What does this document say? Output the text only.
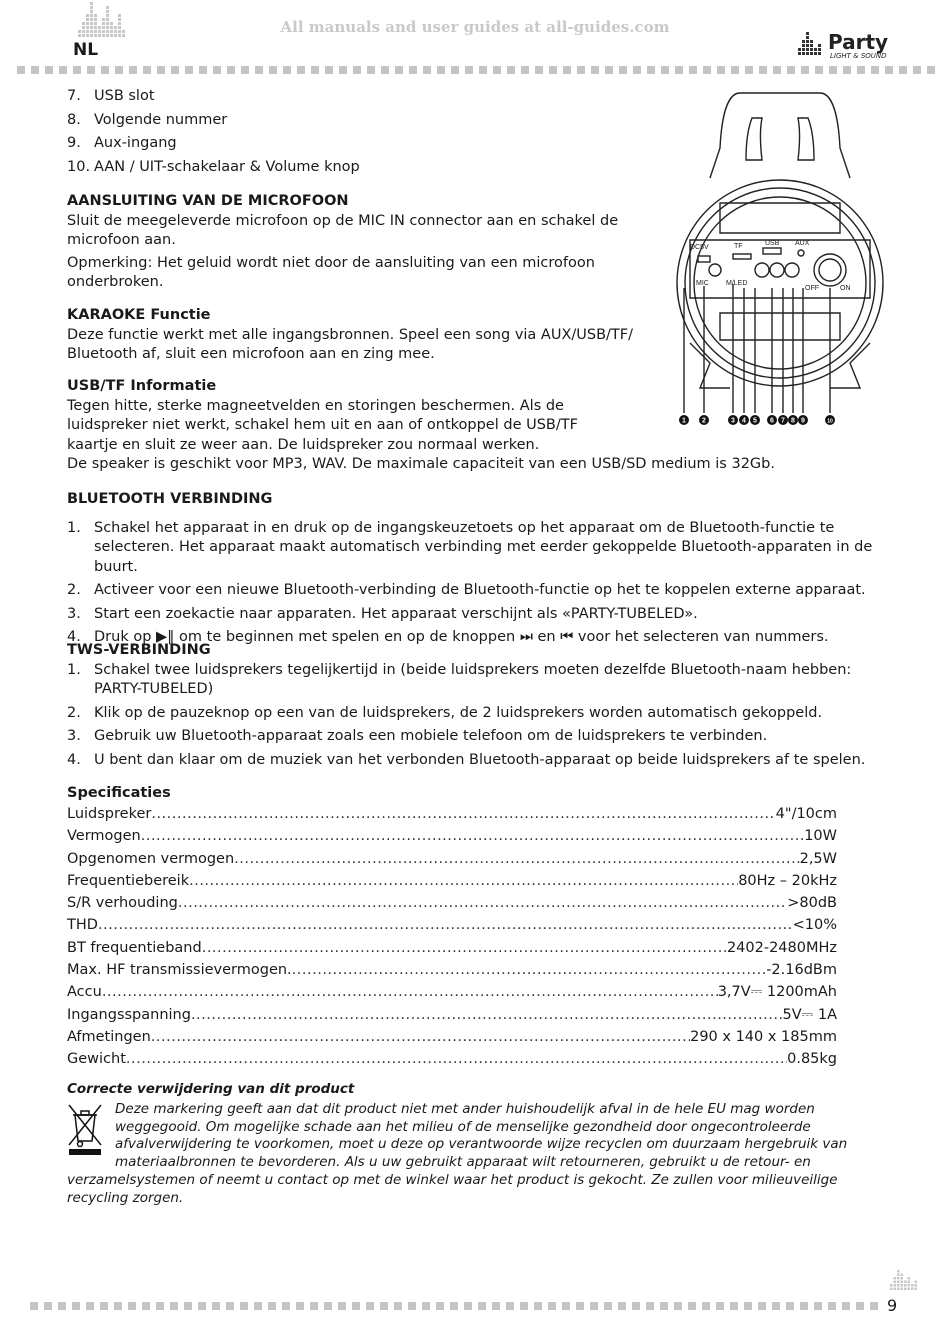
All manuals and user guides at all-guides.com
NL	Party
LIGHT & SOUND
7. USB slot
8. Volgende nummer
9. Aux-ingang
10. AAN / UIT-schakelaar & Volume knop

AANSLUITING VAN DE MICROFOON

Sluit de meegeleverde microfoon op de MIC IN connector aan en schakel de microfoon aan.

Opmerking: Het geluid wordt niet door de aansluiting van een microfoon onderbroken.

KARAOKE Functie

Deze functie werkt met alle ingangsbronnen. Speel een song via AUX/USB/TF/ Bluetooth af, sluit een microfoon aan en zing mee.

USB/TF Informatie

Tegen hitte, sterke magneetvelden en storingen beschermen. Als de luidspreker niet werkt, schakel hem uit en aan of ontkoppel de USB/TF kaartje en sluit ze weer aan. De luidspreker zou normaal werken.

De speaker is geschikt voor MP3, WAV. De maximale capaciteit van een USB/SD medium is 32Gb.
DC5V	TF	USB AUX
MIC M/LED
OFF	ON
1 2	3 4 5 6 7 8 9	10

BLUETOOTH VERBINDING

1. Schakel het apparaat in en druk op de ingangskeuzetoets op het apparaat om de Bluetooth-functie te selecteren. Het apparaat maakt automatisch verbinding met eerder gekoppelde Bluetooth-apparaten in de buurt.
2. Activeer voor een nieuwe Bluetooth-verbinding de Bluetooth-functie op het te koppelen externe apparaat.
3. Start een zoekactie naar apparaten. Het apparaat verschijnt als «PARTY-TUBELED».
4. Druk op ▶‖ om te beginnen met spelen en op de knoppen ⏭ en ⏮ voor het selecteren van nummers.

TWS-VERBINDING

1. Schakel twee luidsprekers tegelijkertijd in (beide luidsprekers moeten dezelfde Bluetooth-naam hebben: PARTY-TUBELED)
2. Klik op de pauzeknop op een van de luidsprekers, de 2 luidsprekers worden automatisch gekoppeld.
3. Gebruik uw Bluetooth-apparaat zoals een mobiele telefoon om de luidsprekers te verbinden.
4. U bent dan klaar om de muziek van het verbonden Bluetooth-apparaat op beide luidsprekers af te spelen.
Specificaties
Luidspreker .....	4"/10cm
Vermogen .....	10W
Opgenomen vermogen .....	2,5W
Frequentiebereik .....	80Hz – 20kHz
S/R verhouding .....	>80dB
THD .....	<10%
BT frequentieband .....	2402-2480MHz
Max. HF transmissievermogen. .....	-2.16dBm
Accu .....	3,7V⎓ 1200mAh
Ingangsspanning .....	5V⎓ 1A
Afmetingen .....	290 x 140 x 185mm
Gewicht .....	0.85kg
Correcte verwijdering van dit product
Deze markering geeft aan dat dit product niet met ander huishoudelijk afval in de hele EU mag worden weggegooid. Om mogelijke schade aan het milieu of de menselijke gezondheid door ongecontroleerde afvalverwijdering te voorkomen, moet u deze op verantwoorde wijze recyclen om duurzaam hergebruik van materiaalbronnen te bevorderen. Als u uw gebruikt apparaat wilt retourneren, gebruikt u de retour- en verzamelsystemen of neemt u contact op met de winkel waar het product is gekocht. Ze zullen voor milieuveilige recycling zorgen.
9
